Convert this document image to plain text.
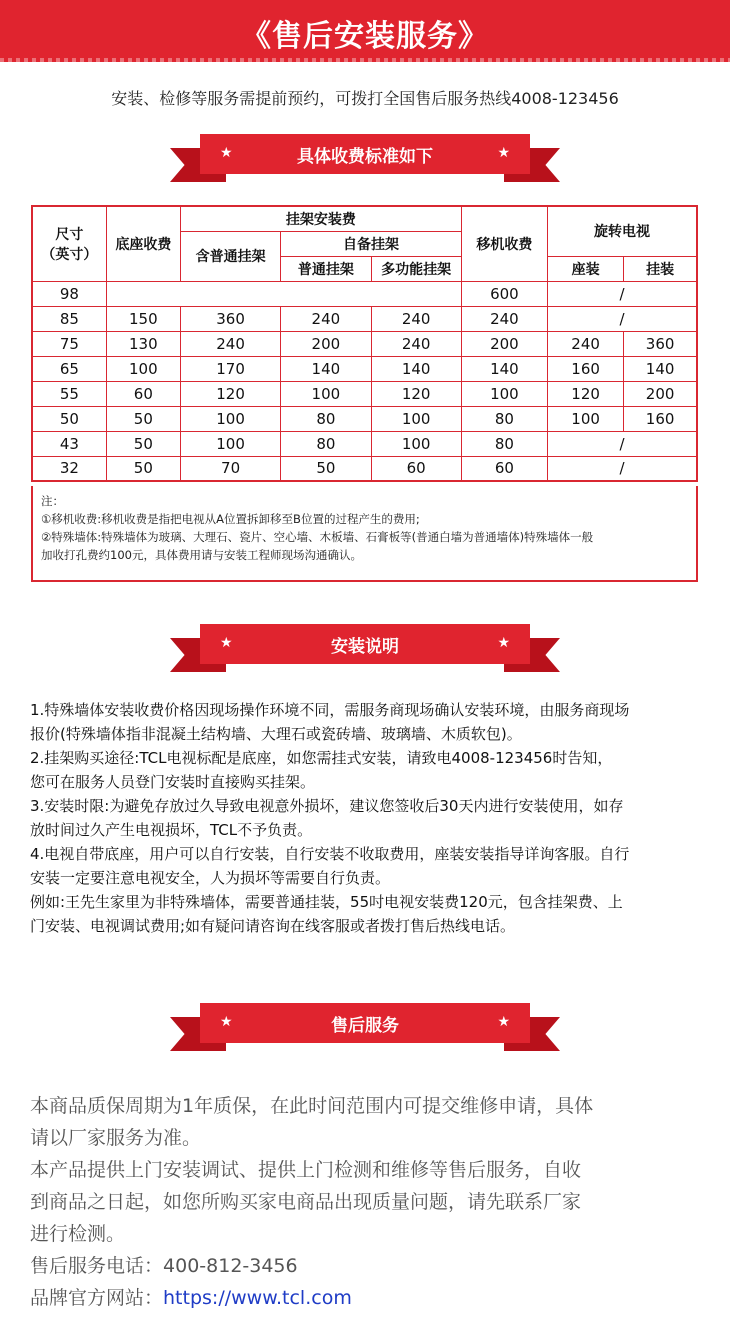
《售后安装服务》
安装、检修等服务需提前预约，可拨打全国售后服务热线4008-123456
具体收费标准如下
★	★
尺寸
（英寸）	底座收费	挂架安装费			移机收费	旋转电视	
		含普通挂架	自备挂架				
			普通挂架	多功能挂架		座装	挂装
98					600	/	
85	150	360	240	240	240	/	
75	130	240	200	240	200	240	360
65	100	170	140	140	140	160	140
55	60	120	100	120	100	120	200
50	50	100	80	100	80	100	160
43	50	100	80	100	80	/	
32	50	70	50	60	60	/	
注：
①移机收费:移机收费是指把电视从A位置拆卸移至B位置的过程产生的费用;
②特殊墙体:特殊墙体为玻璃、大理石、瓷片、空心墙、木板墙、石膏板等(普通白墙为普通墙体)特殊墙体一般
加收打孔费约100元，具体费用请与安装工程师现场沟通确认。
安装说明
★	★

1.特殊墙体安装收费价格因现场操作环境不同，需服务商现场确认安装环境，由服务商现场

报价(特殊墙体指非混凝土结构墙、大理石或瓷砖墙、玻璃墙、木质软包)。

2.挂架购买途径:TCL电视标配是底座，如您需挂式安装，请致电4008-123456时告知，

您可在服务人员登门安装时直接购买挂架。

3.安装时限:为避免存放过久导致电视意外损坏，建议您签收后30天内进行安装使用，如存

放时间过久产生电视损坏，TCL不予负责。

4.电视自带底座，用户可以自行安装，自行安装不收取费用，座装安装指导详询客服。自行

安装一定要注意电视安全，人为损坏等需要自行负责。

例如:王先生家里为非特殊墙体，需要普通挂装，55吋电视安装费120元，包含挂架费、上

门安装、电视调试费用;如有疑问请咨询在线客服或者拨打售后热线电话。

售后服务
★	★

本商品质保周期为1年质保，在此时间范围内可提交维修申请，具体

请以厂家服务为准。

本产品提供上门安装调试、提供上门检测和维修等售后服务，自收

到商品之日起，如您所购买家电商品出现质量问题，请先联系厂家

进行检测。

售后服务电话：400-812-3456

品牌官方网站：https://www.tcl.com
